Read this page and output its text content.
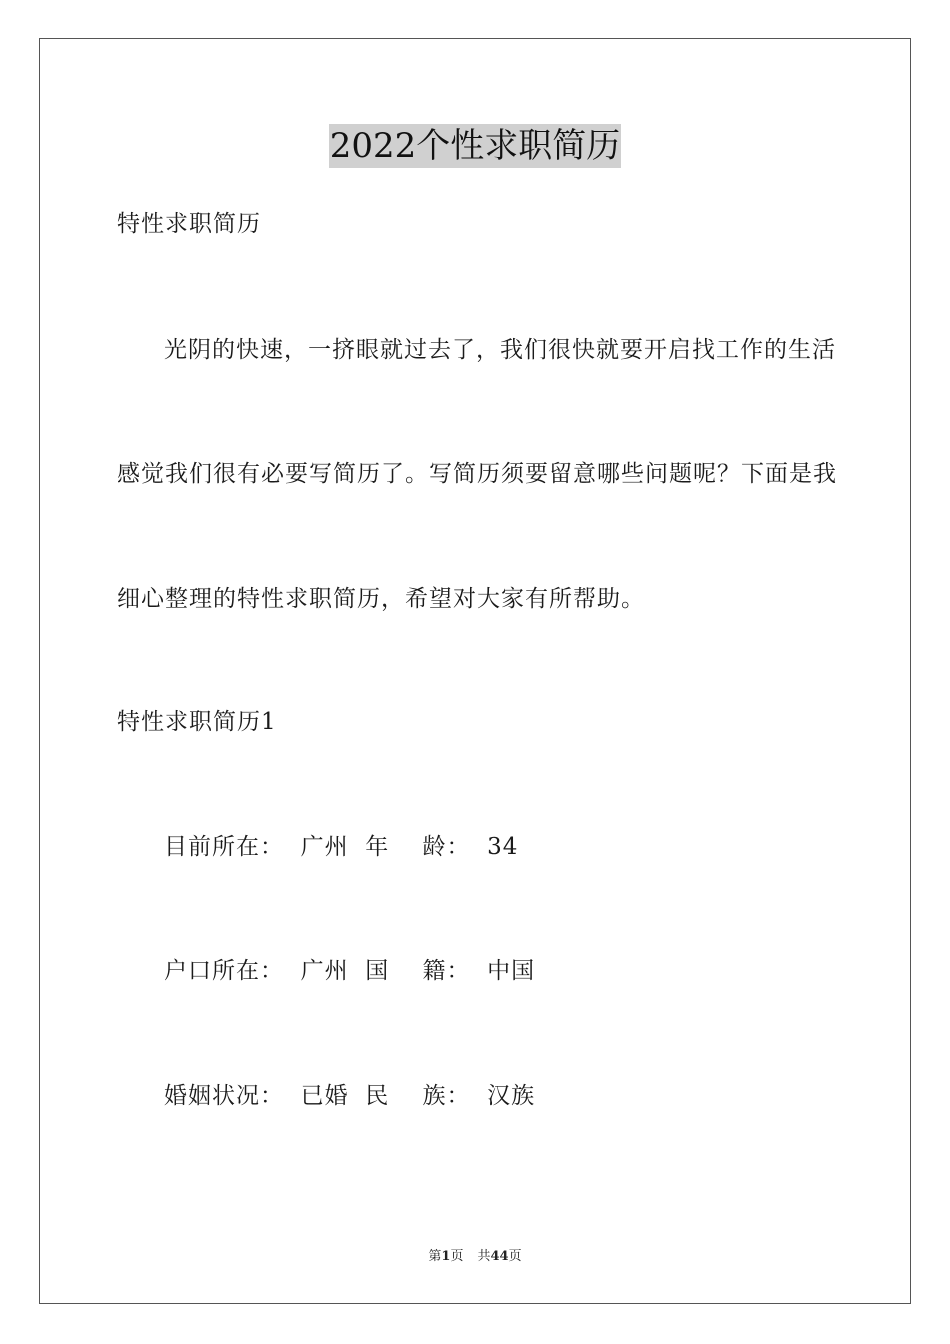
2022个性求职简历
特性求职简历
光阴的快速，一挤眼就过去了，我们很快就要开启找工作的生活
感觉我们很有必要写简历了。写简历须要留意哪些问题呢？下面是我
细心整理的特性求职简历，希望对大家有所帮助。
特性求职简历1
目前所在：  广州  年    龄：  34
户口所在：  广州  国    籍：  中国
婚姻状况：  已婚  民    族：  汉族
第1页 共44页
